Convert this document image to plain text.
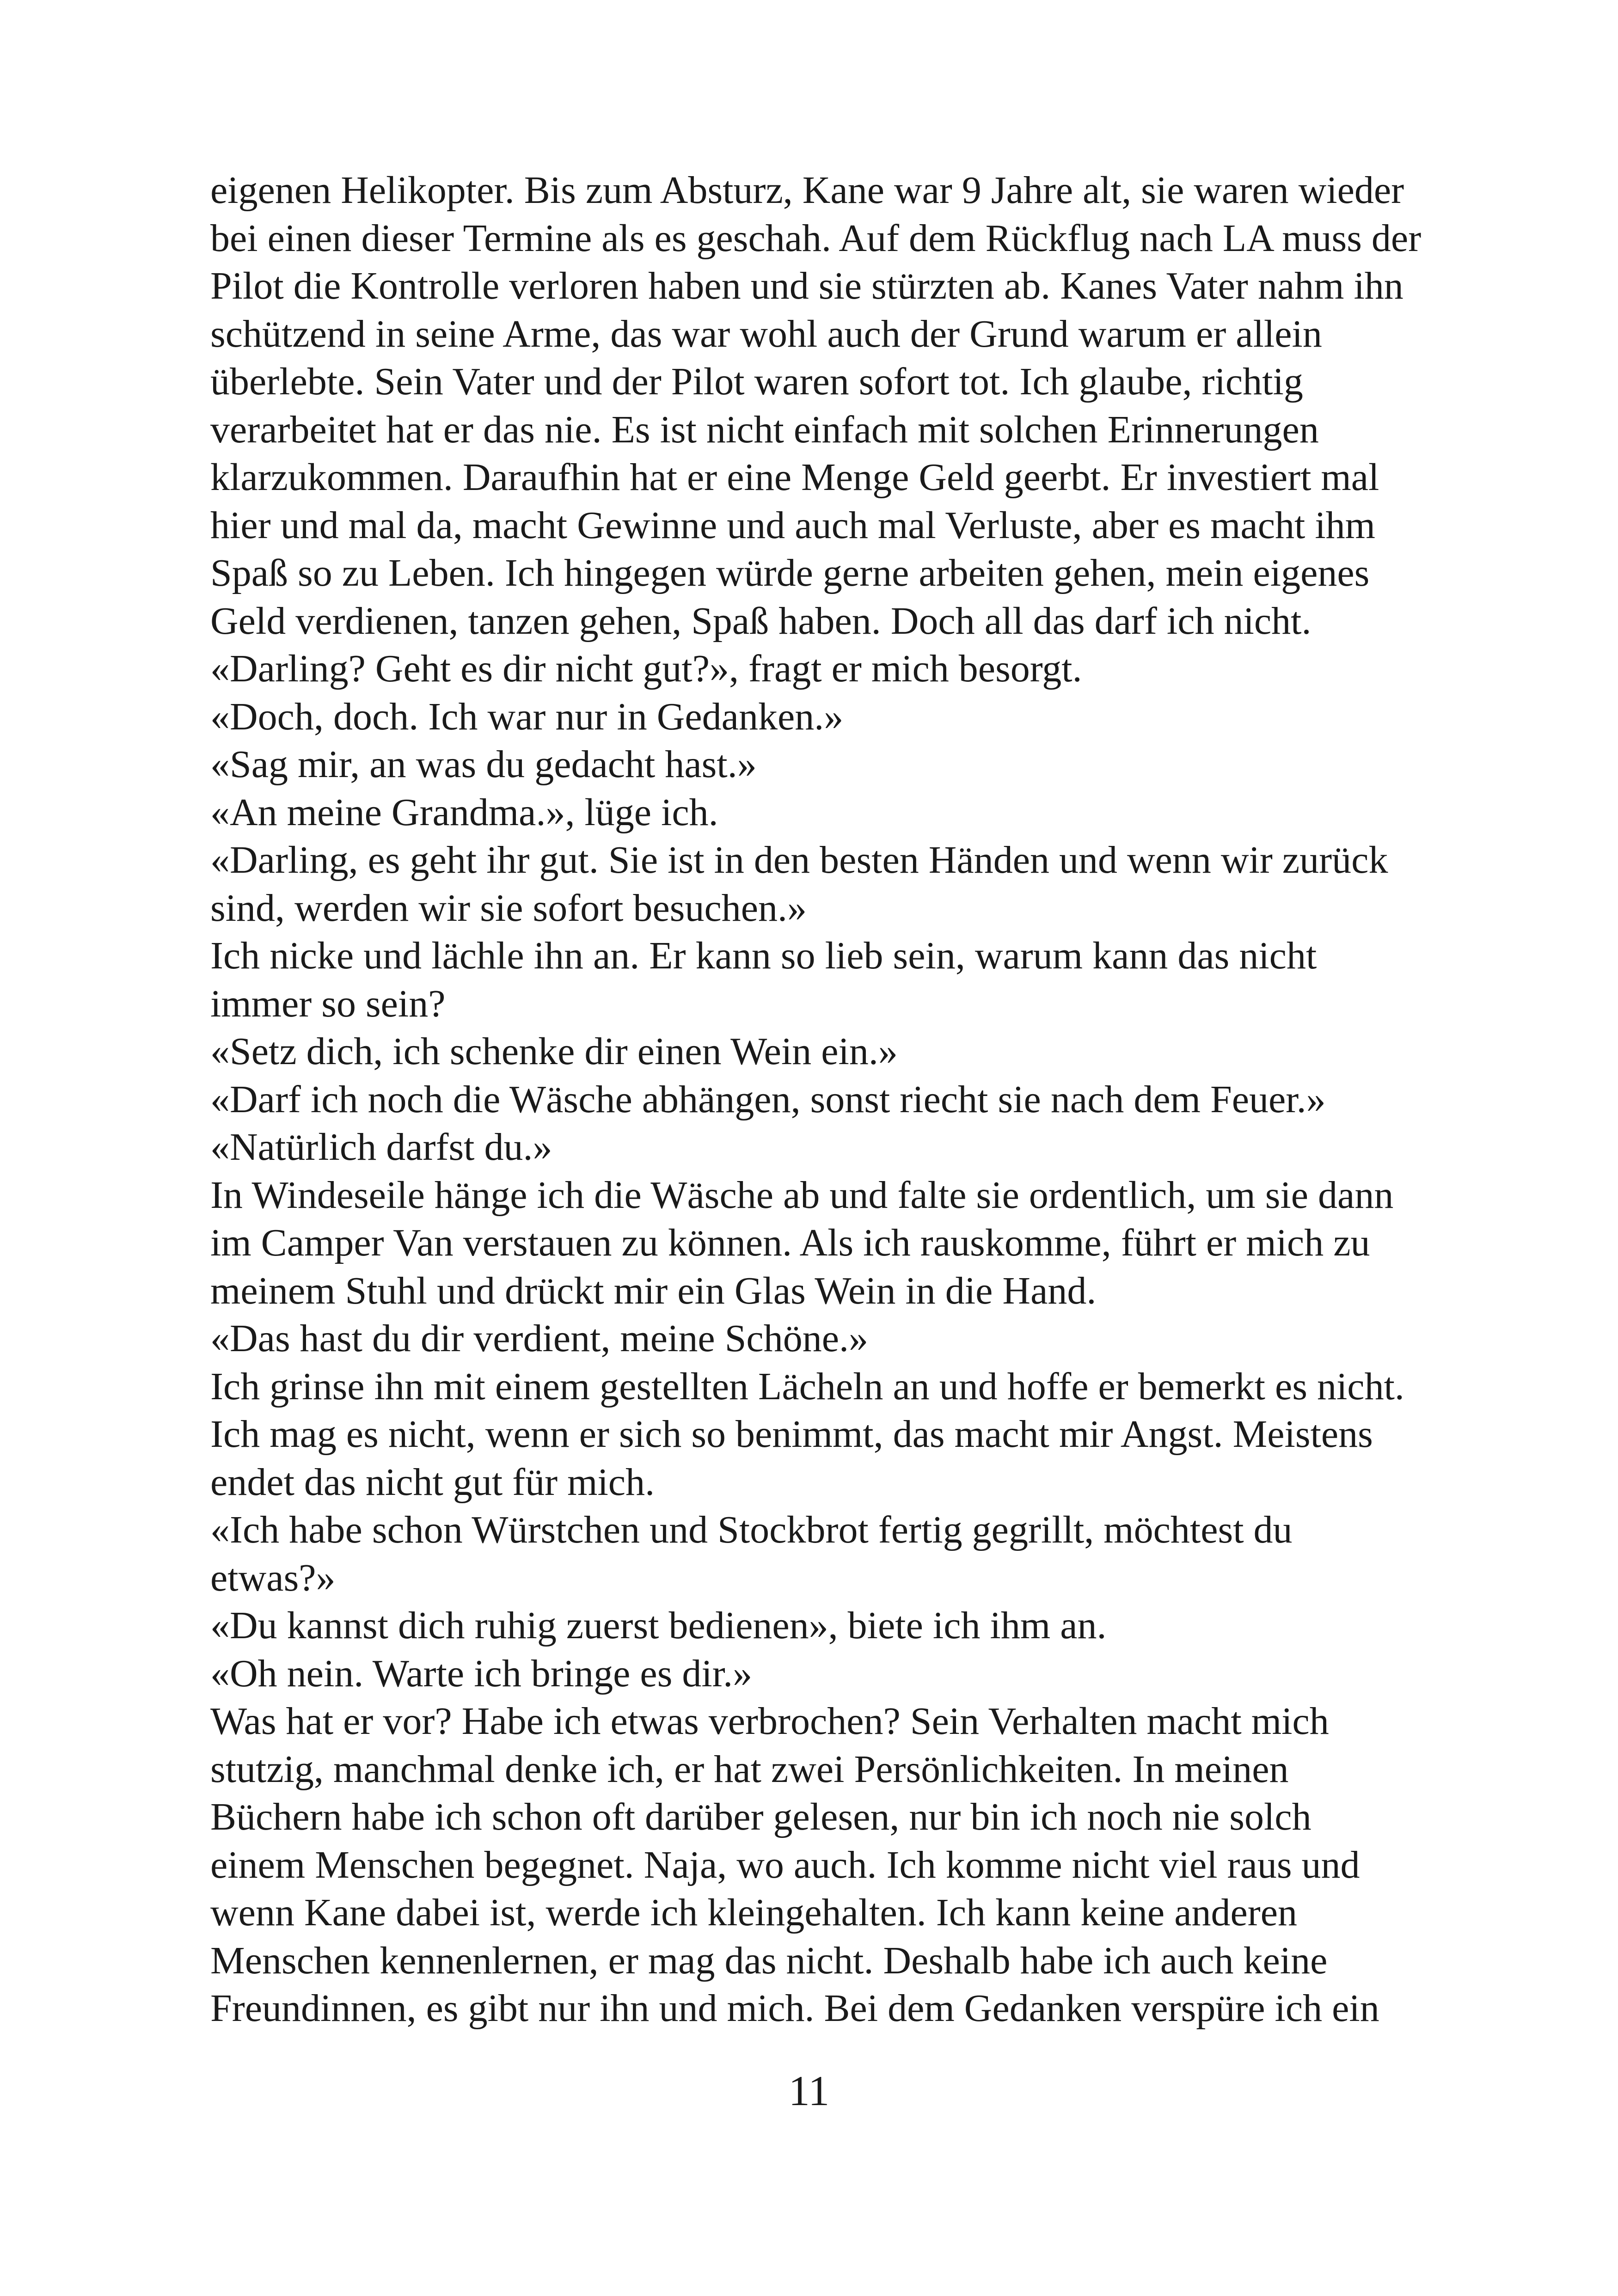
eigenen Helikopter. Bis zum Absturz, Kane war 9 Jahre alt, sie waren wieder
bei einen dieser Termine als es geschah. Auf dem Rückflug nach LA muss der
Pilot die Kontrolle verloren haben und sie stürzten ab. Kanes Vater nahm ihn
schützend in seine Arme, das war wohl auch der Grund warum er allein
überlebte. Sein Vater und der Pilot waren sofort tot. Ich glaube, richtig
verarbeitet hat er das nie. Es ist nicht einfach mit solchen Erinnerungen
klarzukommen. Daraufhin hat er eine Menge Geld geerbt. Er investiert mal
hier und mal da, macht Gewinne und auch mal Verluste, aber es macht ihm
Spaß so zu Leben. Ich hingegen würde gerne arbeiten gehen, mein eigenes
Geld verdienen, tanzen gehen, Spaß haben. Doch all das darf ich nicht.
«Darling? Geht es dir nicht gut?», fragt er mich besorgt.
«Doch, doch. Ich war nur in Gedanken.»
«Sag mir, an was du gedacht hast.»
«An meine Grandma.», lüge ich.
«Darling, es geht ihr gut. Sie ist in den besten Händen und wenn wir zurück
sind, werden wir sie sofort besuchen.»
Ich nicke und lächle ihn an. Er kann so lieb sein, warum kann das nicht
immer so sein?
«Setz dich, ich schenke dir einen Wein ein.»
«Darf ich noch die Wäsche abhängen, sonst riecht sie nach dem Feuer.»
«Natürlich darfst du.»
In Windeseile hänge ich die Wäsche ab und falte sie ordentlich, um sie dann
im Camper Van verstauen zu können. Als ich rauskomme, führt er mich zu
meinem Stuhl und drückt mir ein Glas Wein in die Hand.
«Das hast du dir verdient, meine Schöne.»
Ich grinse ihn mit einem gestellten Lächeln an und hoffe er bemerkt es nicht.
Ich mag es nicht, wenn er sich so benimmt, das macht mir Angst. Meistens
endet das nicht gut für mich.
«Ich habe schon Würstchen und Stockbrot fertig gegrillt, möchtest du
etwas?»
«Du kannst dich ruhig zuerst bedienen», biete ich ihm an.
«Oh nein. Warte ich bringe es dir.»
Was hat er vor? Habe ich etwas verbrochen? Sein Verhalten macht mich
stutzig, manchmal denke ich, er hat zwei Persönlichkeiten. In meinen
Büchern habe ich schon oft darüber gelesen, nur bin ich noch nie solch
einem Menschen begegnet. Naja, wo auch. Ich komme nicht viel raus und
wenn Kane dabei ist, werde ich kleingehalten. Ich kann keine anderen
Menschen kennenlernen, er mag das nicht. Deshalb habe ich auch keine
Freundinnen, es gibt nur ihn und mich. Bei dem Gedanken verspüre ich ein
11
